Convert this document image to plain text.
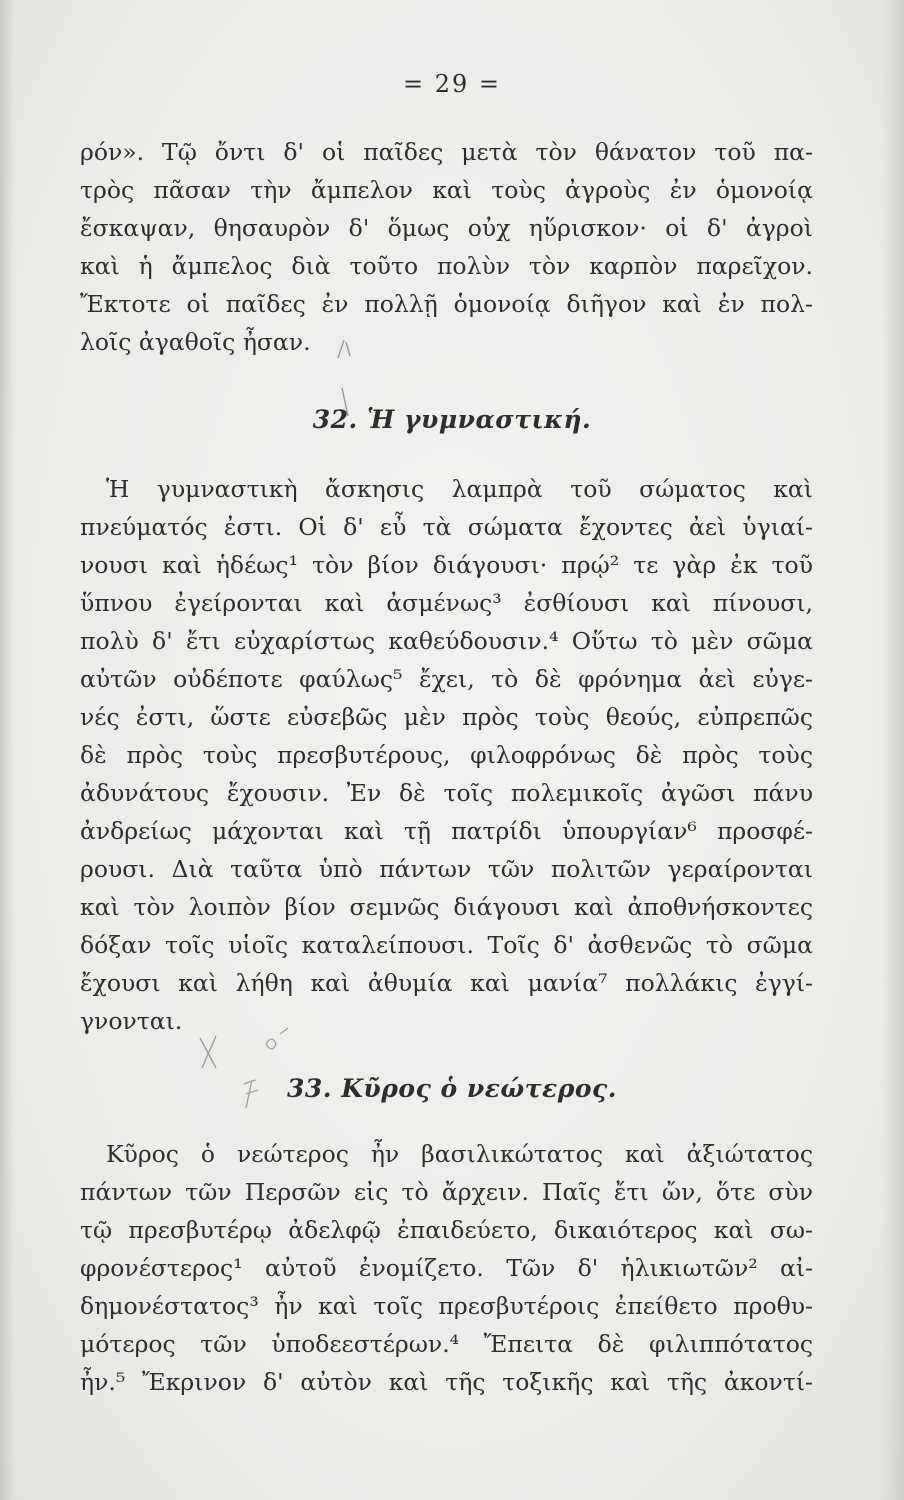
= 29 =
ρόν». Τῷ ὄντι δ' οἱ παῖδες μετὰ τὸν θάνατον τοῦ πα-
τρὸς πᾶσαν τὴν ἄμπελον καὶ τοὺς ἀγροὺς ἐν ὁμονοίᾳ
ἔσκαψαν, θησαυρὸν δ' ὅμως οὐχ ηὕρισκον· οἱ δ' ἀγροὶ
καὶ ἡ ἄμπελος διὰ τοῦτο πολὺν τὸν καρπὸν παρεῖχον.
Ἔκτοτε οἱ παῖδες ἐν πολλῇ ὁμονοίᾳ διῆγον καὶ ἐν πολ-
λοῖς ἀγαθοῖς ἦσαν.
32. Ἡ γυμναστική.
Ἡ γυμναστικὴ ἄσκησις λαμπρὰ τοῦ σώματος καὶ
πνεύματός ἐστι. Οἱ δ' εὖ τὰ σώματα ἔχοντες ἀεὶ ὑγιαί-
νουσι καὶ ἡδέως¹ τὸν βίον διάγουσι· πρῴ² τε γὰρ ἐκ τοῦ
ὕπνου ἐγείρονται καὶ ἀσμένως³ ἐσθίουσι καὶ πίνουσι,
πολὺ δ' ἔτι εὐχαρίστως καθεύδουσιν.⁴ Οὕτω τὸ μὲν σῶμα
αὐτῶν οὐδέποτε φαύλως⁵ ἔχει, τὸ δὲ φρόνημα ἀεὶ εὐγε-
νές ἐστι, ὥστε εὐσεβῶς μὲν πρὸς τοὺς θεούς, εὐπρεπῶς
δὲ πρὸς τοὺς πρεσβυτέρους, φιλοφρόνως δὲ πρὸς τοὺς
ἀδυνάτους ἔχουσιν. Ἐν δὲ τοῖς πολεμικοῖς ἀγῶσι πάνυ
ἀνδρείως μάχονται καὶ τῇ πατρίδι ὑπουργίαν⁶ προσφέ-
ρουσι. Διὰ ταῦτα ὑπὸ πάντων τῶν πολιτῶν γεραίρονται
καὶ τὸν λοιπὸν βίον σεμνῶς διάγουσι καὶ ἀποθνήσκοντες
δόξαν τοῖς υἱοῖς καταλείπουσι. Τοῖς δ' ἀσθενῶς τὸ σῶμα
ἔχουσι καὶ λήθη καὶ ἀθυμία καὶ μανία⁷ πολλάκις ἐγγί-
γνονται.
33. Κῦρος ὁ νεώτερος.
Κῦρος ὁ νεώτερος ἦν βασιλικώτατος καὶ ἀξιώτατος
πάντων τῶν Περσῶν εἰς τὸ ἄρχειν. Παῖς ἔτι ὤν, ὅτε σὺν
τῷ πρεσβυτέρῳ ἀδελφῷ ἐπαιδεύετο, δικαιότερος καὶ σω-
φρονέστερος¹ αὐτοῦ ἐνομίζετο. Τῶν δ' ἡλικιωτῶν² αἰ-
δημονέστατος³ ἦν καὶ τοῖς πρεσβυτέροις ἐπείθετο προθυ-
μότερος τῶν ὑποδεεστέρων.⁴ Ἔπειτα δὲ φιλιππότατος
ἦν.⁵ Ἔκρινον δ' αὐτὸν καὶ τῆς τοξικῆς καὶ τῆς ἀκοντί-
